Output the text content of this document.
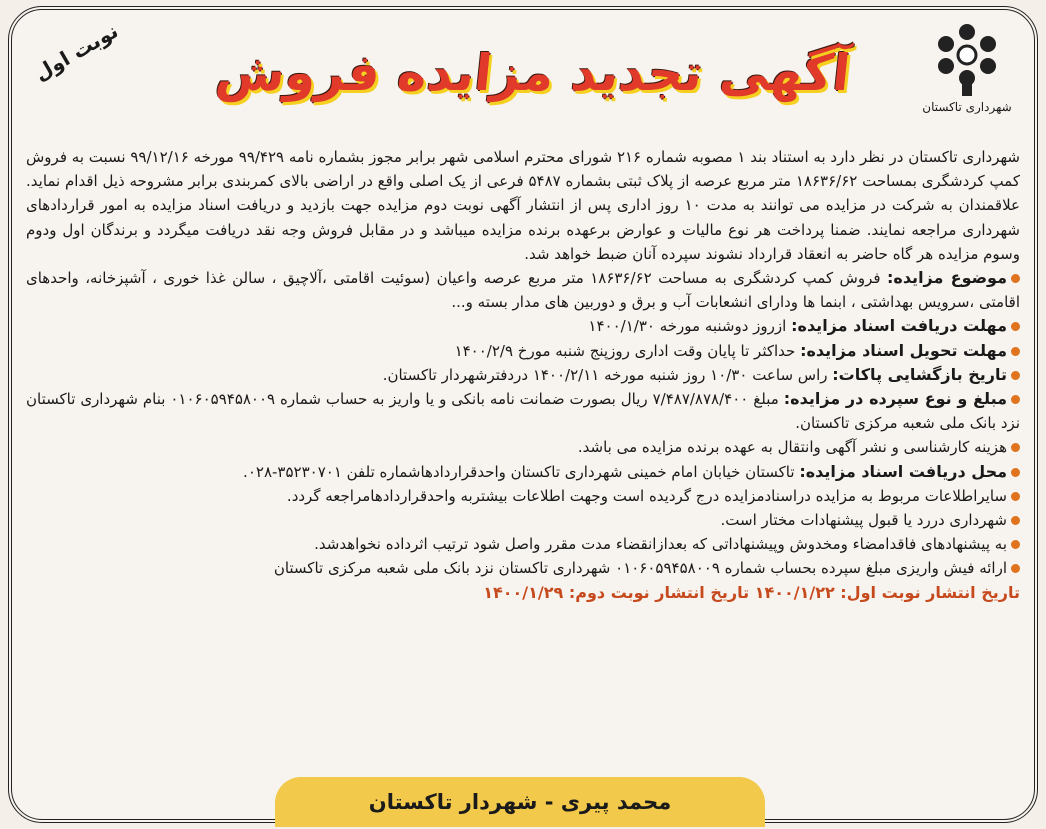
شهرداری تاکستان
نوبت اول	آگهی تجدید مزایده فروش

شهرداری تاکستان در نظر دارد به استناد بند ۱ مصوبه شماره ۲۱۶ شورای محترم اسلامی شهر برابر مجوز بشماره نامه ۹۹/۴۲۹ مورخه ۹۹/۱۲/۱۶ نسبت به فروش کمپ کردشگری بمساحت ۱۸۶۳۶/۶۲ متر مربع عرصه از پلاک ثبتی بشماره ۵۴۸۷ فرعی از یک اصلی واقع در اراضی بالای کمربندی برابر مشروحه ذیل اقدام نماید. علاقمندان به شرکت در مزایده می توانند به مدت ۱۰ روز اداری پس از انتشار آگهی نوبت دوم مزایده جهت بازدید و دریافت اسناد مزایده به امور قراردادهای شهرداری مراجعه نمایند. ضمنا پرداخت هر نوع مالیات و عوارض برعهده برنده مزایده میباشد و در مقابل فروش وجه نقد دریافت میگردد و برندگان اول ودوم وسوم مزایده هر گاه حاضر به انعقاد قرارداد نشوند سپرده آنان ضبط خواهد شد.

موضوع مزایده: فروش کمپ کردشگری به مساحت ۱۸۶۳۶/۶۲ متر مربع عرصه واعیان (سوئیت اقامتی ،آلاچیق ، سالن غذا خوری ، آشپزخانه، واحدهای اقامتی ،سرویس بهداشتی ، ابنما ها ودارای انشعابات آب و برق و دوربین های مدار بسته و...

مهلت دریافت اسناد مزایده: ازروز دوشنبه مورخه ۱۴۰۰/۱/۳۰

مهلت تحویل اسناد مزایده: حداکثر تا پایان وقت اداری روزپنج شنبه مورخ ۱۴۰۰/۲/۹

تاریخ بازگشایی پاکات: راس ساعت ۱۰/۳۰ روز شنبه مورخه ۱۴۰۰/۲/۱۱ دردفترشهردار تاکستان.

مبلغ و نوع سپرده در مزایده: مبلغ ۷/۴۸۷/۸۷۸/۴۰۰ ریال بصورت ضمانت نامه بانکی و یا واریز به حساب شماره ۰۱۰۶۰۵۹۴۵۸۰۰۹ بنام شهرداری تاکستان نزد بانک ملی شعبه مرکزی تاکستان.

هزینه کارشناسی و نشر آگهی وانتقال به عهده برنده مزایده می باشد.

محل دریافت اسناد مزایده: تاکستان خیابان امام خمینی شهرداری تاکستان واحدقراردادهاشماره تلفن ۳۵۲۳۰۷۰۱-۰۲۸.

سایراطلاعات مربوط به مزایده دراسنادمزایده درج گردیده است وجهت اطلاعات بیشتربه واحدقراردادهامراجعه گردد.

شهرداری دررد یا قبول پیشنهادات مختار است.

به پیشنهادهای فاقدامضاء ومخدوش وپیشنهاداتی که بعدازانقضاء مدت مقرر واصل شود ترتیب اثرداده نخواهدشد.

ارائه فیش واریزی مبلغ سپرده بحساب شماره ۰۱۰۶۰۵۹۴۵۸۰۰۹ شهرداری تاکستان نزد بانک ملی شعبه مرکزی تاکستان

تاریخ انتشار نوبت اول: ۱۴۰۰/۱/۲۲ تاریخ انتشار نوبت دوم: ۱۴۰۰/۱/۲۹
محمد پیری - شهردار تاکستان
